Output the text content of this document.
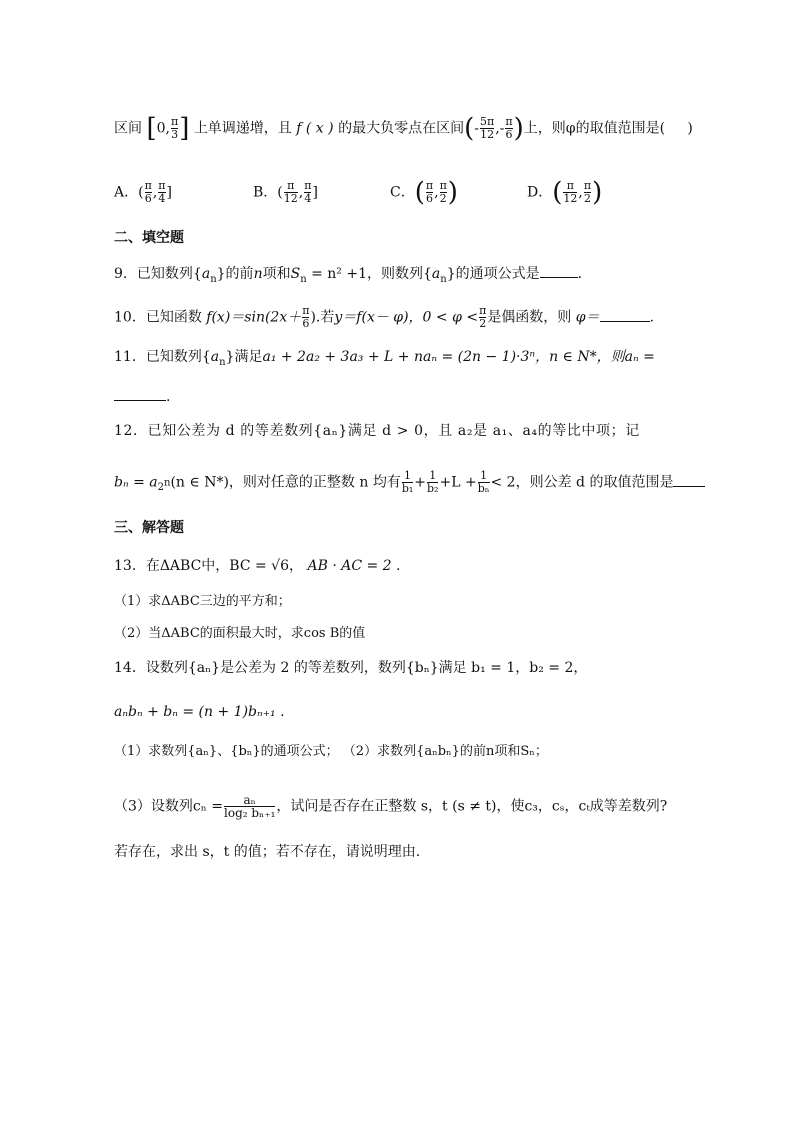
区间 [0, $\frac{\pi}{3}$ ] 上单调递增，且 f ( x ) 的最大负零点在区间(- $\frac{5\pi}{12}$ ,- $\frac{\pi}{6}$ )上，则φ的取值范围是( )
A．( $\frac{\pi}{6}$ , $\frac{\pi}{4}$ ]	B．( $\frac{\pi}{12}$ , $\frac{\pi}{4}$ ]	C．( $\frac{\pi}{6}$ , $\frac{\pi}{2}$ )	D．( $\frac{\pi}{12}$ , $\frac{\pi}{2}$ )
二、填空题
9．已知数列$\{a_n\}$的前n项和$S_n = n^2 +1$，则数列$\{a_n\}$的通项公式是	.
10．已知函数 $f(x)=\sin(2x+ \frac{\pi}{6}$ ).若y＝f(x－ φ)，$0 < \varphi < \frac{\pi}{2}$ 是偶函数，则 φ＝	.
11．已知数列$\{a_n\}$满足a₁ + 2a₂ + 3a₃ + L + naₙ = (2n − 1)·3ⁿ，n ∈ N*，则aₙ =
.
12．已知公差为 d 的等差数列{aₙ}满足 d > 0，且 a₂是 a₁、a₄的等比中项；记
$b_n = a_{2^n}(n$ ∈ N*)，则对任意的正整数 n 均有 $\frac{1}{\text{b₁}} + \frac{1}{\text{b₂}} +L + \frac{1}{\text{bₙ}} < 2$，则公差 d 的取值范围是
三、解答题
13．在ΔABC中，BC = √6， AB · AC = 2 .
（1）求ΔABC三边的平方和；
（2）当ΔABC的面积最大时，求cos B的值
14．设数列{aₙ}是公差为 2 的等差数列，数列{bₙ}满足 b₁ = 1，b₂ = 2，
aₙbₙ + bₙ = (n + 1)bₙ₊₁ .
（1）求数列{aₙ}、{bₙ}的通项公式； （2）求数列{aₙbₙ}的前n项和Sₙ；
（3）设数列$c_n = \frac{\text{aₙ}}{\text{log₂ bₙ₊₁}}$ ，试问是否存在正整数 s，t (s ≠ t)，使c₃，cₛ，cₜ成等差数列?
若存在，求出 s，t 的值；若不存在，请说明理由.
